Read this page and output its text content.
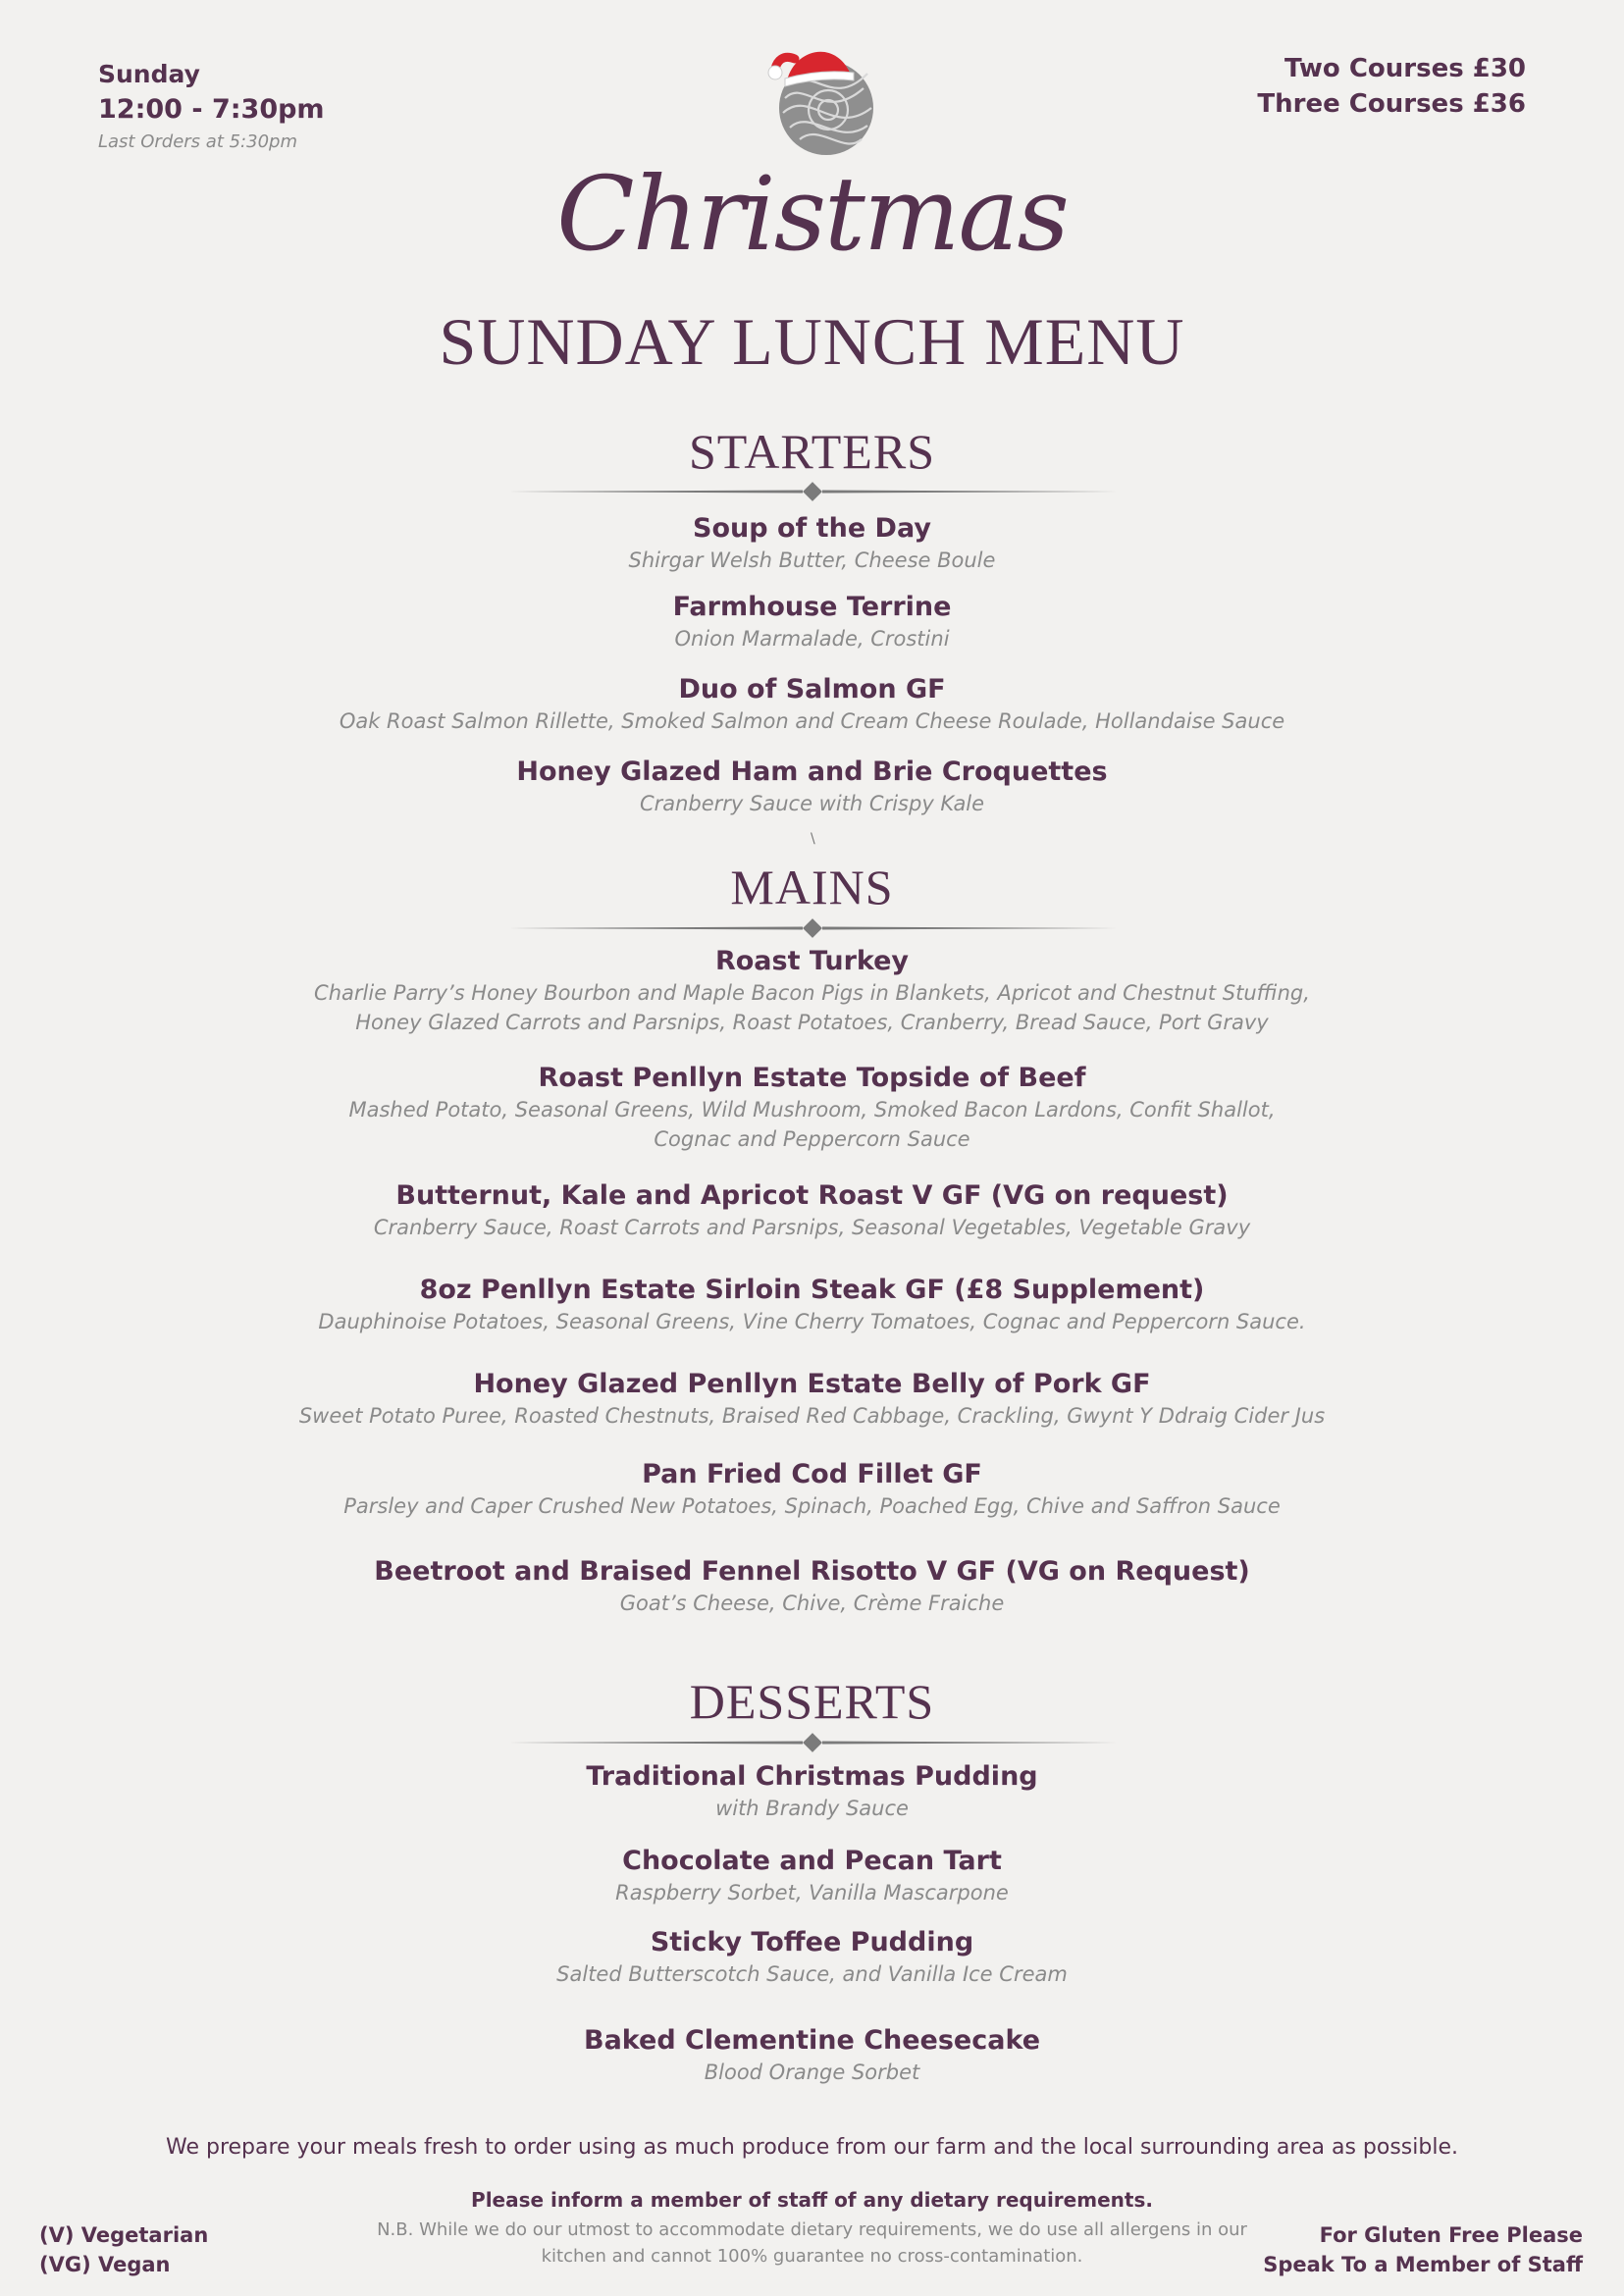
Sunday
12:00 - 7:30pm
Last Orders at 5:30pm
Two Courses £30
Three Courses £36
Christmas
SUNDAY LUNCH MENU
STARTERS
Soup of the Day
Shirgar Welsh Butter, Cheese Boule
Farmhouse Terrine
Onion Marmalade, Crostini
Duo of Salmon GF
Oak Roast Salmon Rillette, Smoked Salmon and Cream Cheese Roulade, Hollandaise Sauce
Honey Glazed Ham and Brie Croquettes
Cranberry Sauce with Crispy Kale
\
MAINS
Roast Turkey
Charlie Parry’s Honey Bourbon and Maple Bacon Pigs in Blankets, Apricot and Chestnut Stuffing,
Honey Glazed Carrots and Parsnips, Roast Potatoes, Cranberry, Bread Sauce, Port Gravy
Roast Penllyn Estate Topside of Beef
Mashed Potato, Seasonal Greens, Wild Mushroom, Smoked Bacon Lardons, Confit Shallot,
Cognac and Peppercorn Sauce
Butternut, Kale and Apricot Roast V GF (VG on request)
Cranberry Sauce, Roast Carrots and Parsnips, Seasonal Vegetables, Vegetable Gravy
8oz Penllyn Estate Sirloin Steak GF (£8 Supplement)
Dauphinoise Potatoes, Seasonal Greens, Vine Cherry Tomatoes, Cognac and Peppercorn Sauce.
Honey Glazed Penllyn Estate Belly of Pork GF
Sweet Potato Puree, Roasted Chestnuts, Braised Red Cabbage, Crackling, Gwynt Y Ddraig Cider Jus
Pan Fried Cod Fillet GF
Parsley and Caper Crushed New Potatoes, Spinach, Poached Egg, Chive and Saffron Sauce
Beetroot and Braised Fennel Risotto V GF (VG on Request)
Goat’s Cheese, Chive, Crème Fraiche
DESSERTS
Traditional Christmas Pudding
with Brandy Sauce
Chocolate and Pecan Tart
Raspberry Sorbet, Vanilla Mascarpone
Sticky Toffee Pudding
Salted Butterscotch Sauce, and Vanilla Ice Cream
Baked Clementine Cheesecake
Blood Orange Sorbet
We prepare your meals fresh to order using as much produce from our farm and the local surrounding area as possible.
Please inform a member of staff of any dietary requirements.
N.B. While we do our utmost to accommodate dietary requirements, we do use all allergens in our
kitchen and cannot 100% guarantee no cross-contamination.
(V) Vegetarian
(VG) Vegan
For Gluten Free Please
Speak To a Member of Staff
